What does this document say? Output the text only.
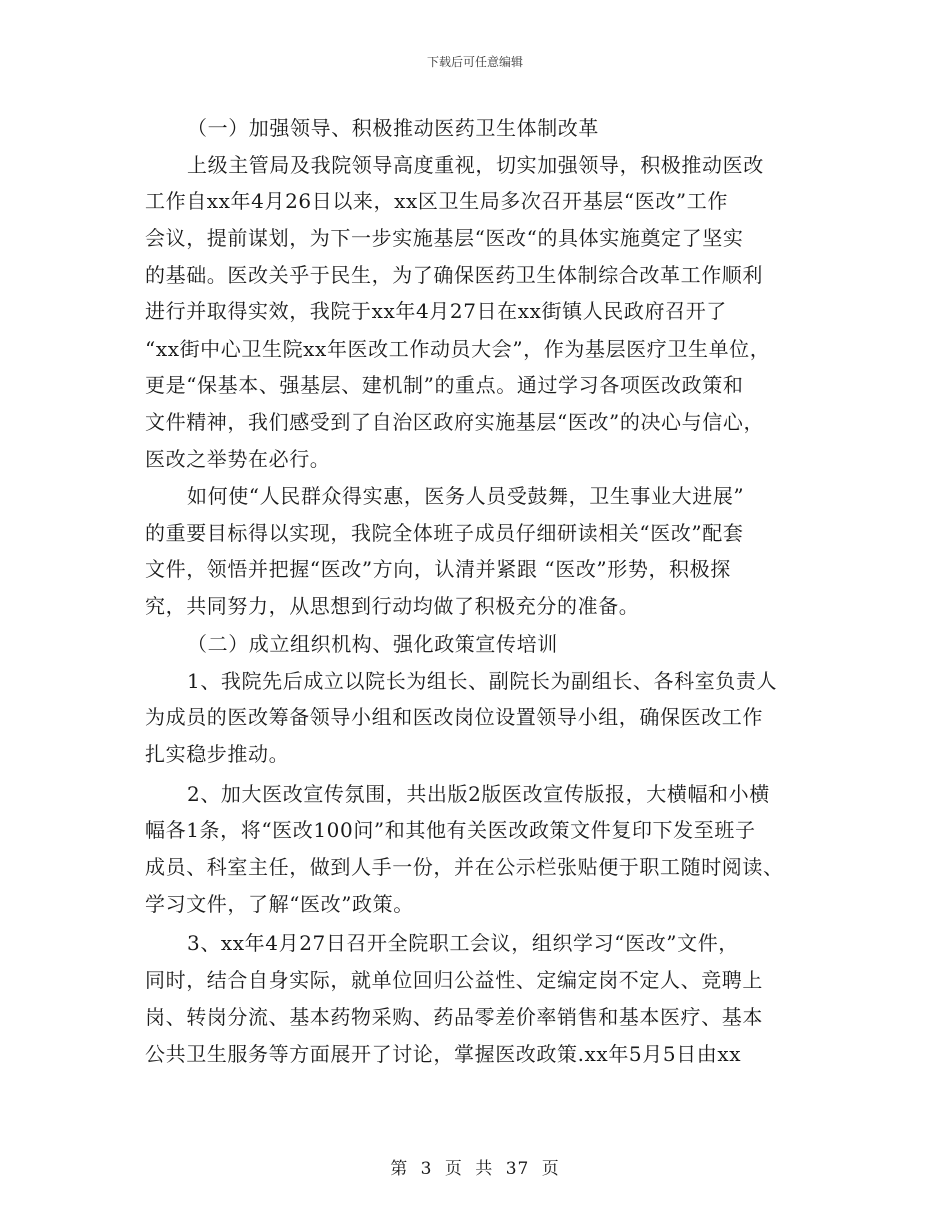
下载后可任意编辑
（一）加强领导、积极推动医药卫生体制改革
上级主管局及我院领导高度重视，切实加强领导，积极推动医改
工作自xx年4月26日以来，xx区卫生局多次召开基层“医改”工作
会议，提前谋划，为下一步实施基层“医改“的具体实施奠定了坚实
的基础。医改关乎于民生，为了确保医药卫生体制综合改革工作顺利
进行并取得实效，我院于xx年4月27日在xx街镇人民政府召开了
“xx街中心卫生院xx年医改工作动员大会”，作为基层医疗卫生单位，
更是“保基本、强基层、建机制”的重点。通过学习各项医改政策和
文件精神，我们感受到了自治区政府实施基层“医改”的决心与信心，
医改之举势在必行。
如何使“人民群众得实惠，医务人员受鼓舞，卫生事业大进展”
的重要目标得以实现，我院全体班子成员仔细研读相关“医改”配套
文件，领悟并把握“医改”方向，认清并紧跟 “医改”形势，积极探
究，共同努力，从思想到行动均做了积极充分的准备。
（二）成立组织机构、强化政策宣传培训
1、我院先后成立以院长为组长、副院长为副组长、各科室负责人
为成员的医改筹备领导小组和医改岗位设置领导小组，确保医改工作
扎实稳步推动。
2、加大医改宣传氛围，共出版2版医改宣传版报，大横幅和小横
幅各1条，将“医改100问”和其他有关医改政策文件复印下发至班子
成员、科室主任，做到人手一份，并在公示栏张贴便于职工随时阅读、
学习文件，了解“医改”政策。
3、xx年4月27日召开全院职工会议，组织学习“医改”文件，
同时，结合自身实际，就单位回归公益性、定编定岗不定人、竞聘上
岗、转岗分流、基本药物采购、药品零差价率销售和基本医疗、基本
公共卫生服务等方面展开了讨论，掌握医改政策.xx年5月5日由xx
第 3 页 共 37 页
